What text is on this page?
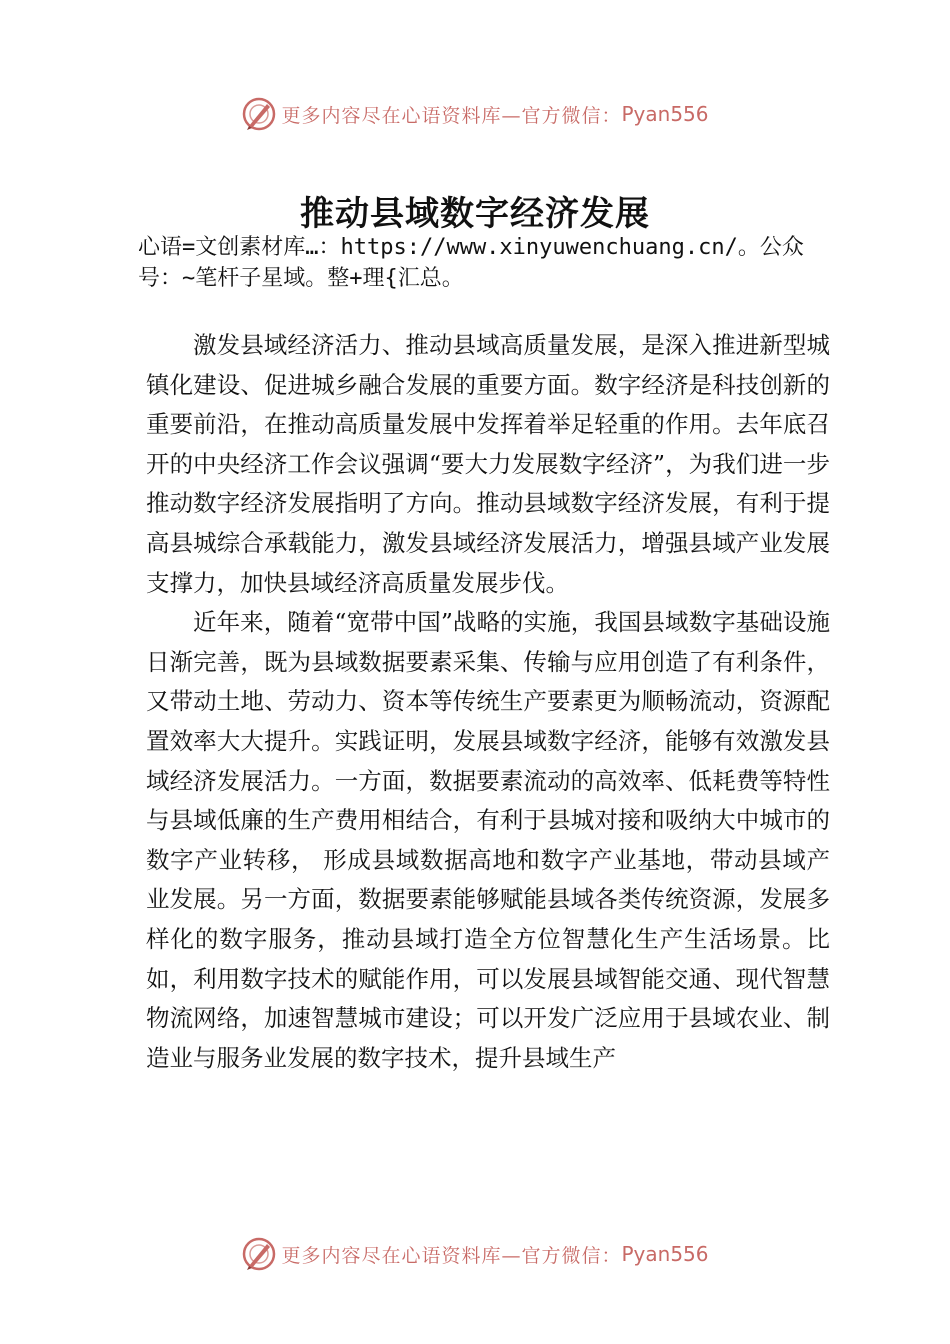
更多内容尽在心语资料库—官方微信： Pyan556
推动县域数字经济发展

心语=文创素材库…：https://www.xinyuwenchuang.cn/。公众号：~笔杆子星域。整+理{汇总。

激发县域经济活力、推动县域高质量发展，是深入推进新型城镇化建设、促进城乡融合发展的重要方面。数字经济是科技创新的重要前沿，在推动高质量发展中发挥着举足轻重的作用。去年底召开的中央经济工作会议强调“要大力发展数字经济”，为我们进一步推动数字经济发展指明了方向。推动县域数字经济发展，有利于提高县城综合承载能力，激发县域经济发展活力，增强县域产业发展支撑力，加快县域经济高质量发展步伐。

近年来，随着“宽带中国”战略的实施，我国县域数字基础设施日渐完善，既为县域数据要素采集、传输与应用创造了有利条件，又带动土地、劳动力、资本等传统生产要素更为顺畅流动，资源配置效率大大提升。实践证明，发展县域数字经济，能够有效激发县域经济发展活力。一方面，数据要素流动的高效率、低耗费等特性与县域低廉的生产费用相结合，有利于县城对接和吸纳大中城市的数字产业转移， 形成县域数据高地和数字产业基地，带动县域产业发展。另一方面，数据要素能够赋能县域各类传统资源，发展多样化的数字服务，推动县域打造全方位智慧化生产生活场景。比如，利用数字技术的赋能作用，可以发展县域智能交通、现代智慧物流网络，加速智慧城市建设；可以开发广泛应用于县域农业、制造业与服务业发展的数字技术，提升县域生产

更多内容尽在心语资料库—官方微信： Pyan556
